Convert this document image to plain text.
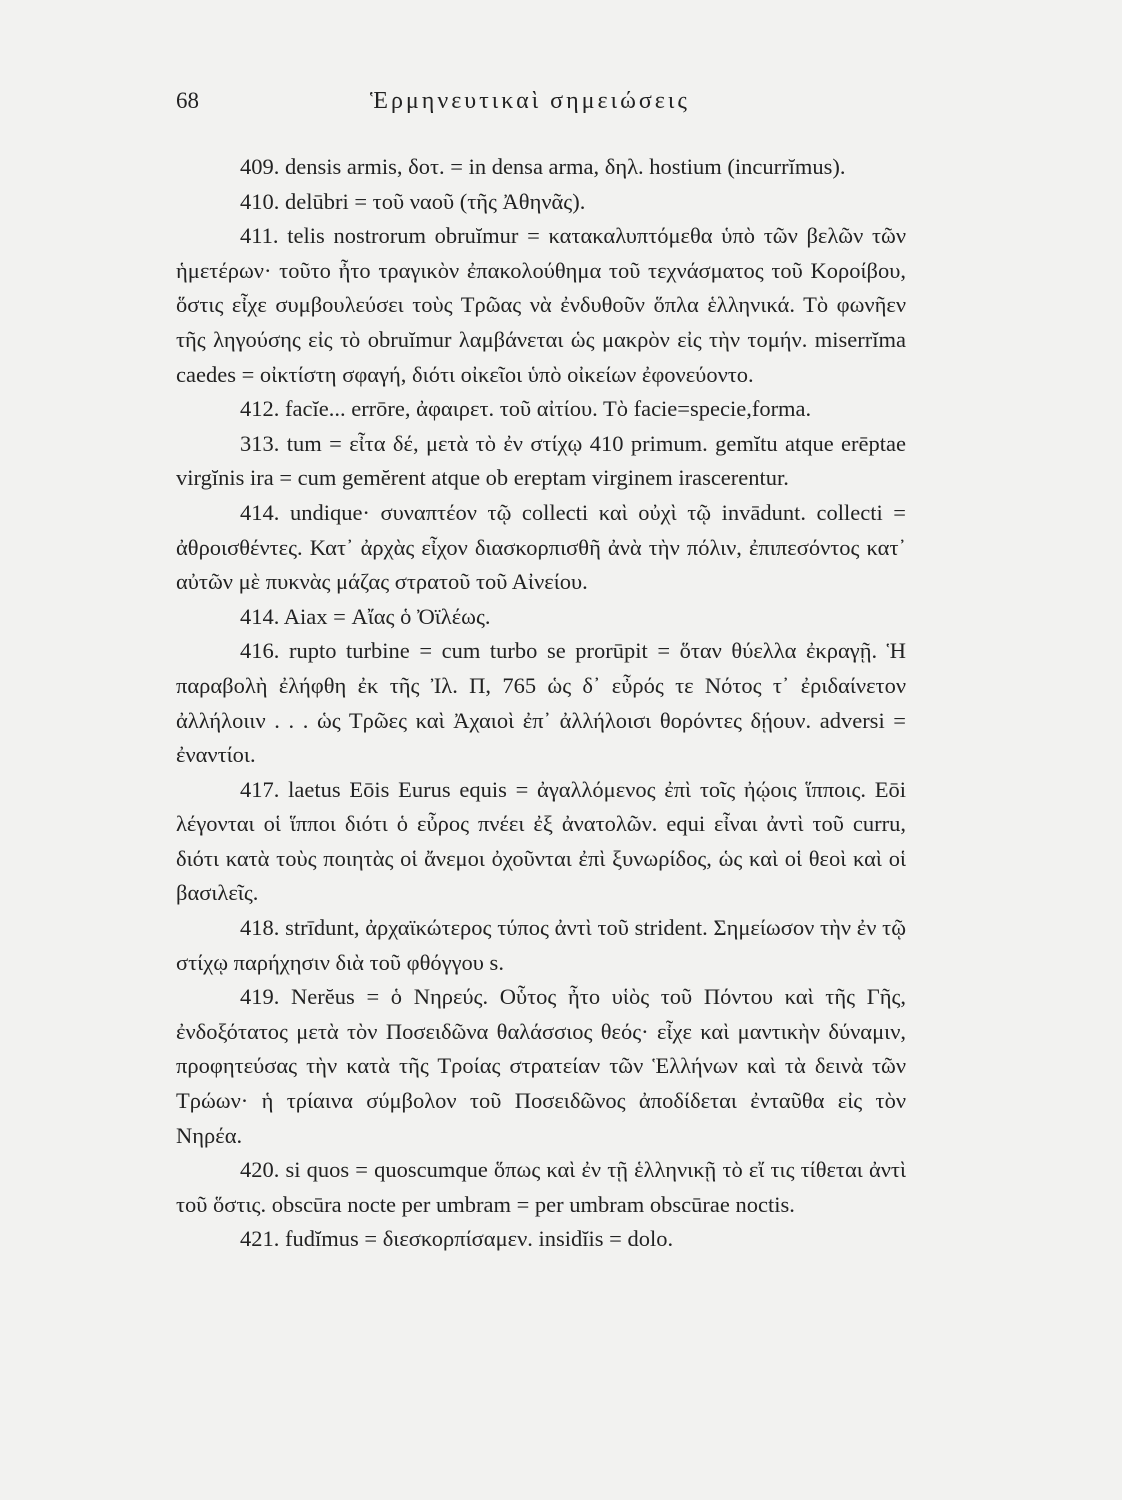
68	Ἑρμηνευτικαὶ σημειώσεις

409. densis armis, δοτ. = in densa arma, δηλ. hostium (incurrĭmus).

410. delūbri = τοῦ ναοῦ (τῆς Ἀθηνᾶς).

411. telis nostrorum obruĭmur = κατακαλυπτόμεθα ὑπὸ τῶν βελῶν τῶν ἡμετέρων· τοῦτο ἦτο τραγικὸν ἐπακολούθημα τοῦ τεχνάσματος τοῦ Κοροίβου, ὅστις εἶχε συμβουλεύσει τοὺς Τρῶας νὰ ἐνδυθοῦν ὅπλα ἑλληνικά. Τὸ φωνῆεν τῆς ληγούσης εἰς τὸ obruĭmur λαμβάνεται ὡς μακρὸν εἰς τὴν τομήν. miserrĭma caedes = οἰκτίστη σφαγή, διότι οἰκεῖοι ὑπὸ οἰκείων ἐφονεύοντο.

412. facĭe... errōre, ἀφαιρετ. τοῦ αἰτίου. Τὸ facie=specie,forma.

313. tum = εἶτα δέ, μετὰ τὸ ἐν στίχῳ 410 primum. gemĭtu atque erēptae virgĭnis ira = cum gemĕrent atque ob ereptam virginem irascerentur.

414. undique· συναπτέον τῷ collecti καὶ οὐχὶ τῷ invādunt. collecti = ἀθροισθέντες. Κατ᾽ ἀρχὰς εἶχον διασκορπισθῆ ἀνὰ τὴν πόλιν, ἐπιπεσόντος κατ᾽ αὐτῶν μὲ πυκνὰς μάζας στρατοῦ τοῦ Αἰνείου.

414. Aiax = Αἴας ὁ Ὀϊλέως.

416. rupto turbine = cum turbo se prorūpit = ὅταν θύελλα ἐκραγῇ. Ἡ παραβολὴ ἐλήφθη ἐκ τῆς Ἰλ. Π, 765 ὡς δ᾽ εὖρός τε Νότος τ᾽ ἐριδαίνετον ἀλλήλοιιν . . . ὡς Τρῶες καὶ Ἀχαιοὶ ἐπ᾽ ἀλλήλοισι θορόντες δῄουν. adversi = ἐναντίοι.

417. laetus Eōis Eurus equis = ἀγαλλόμενος ἐπὶ τοῖς ἠῴοις ἵπποις. Eōi λέγονται οἱ ἵπποι διότι ὁ εὖρος πνέει ἐξ ἀνατολῶν. equi εἶναι ἀντὶ τοῦ curru, διότι κατὰ τοὺς ποιητὰς οἱ ἄνεμοι ὀχοῦνται ἐπὶ ξυνωρίδος, ὡς καὶ οἱ θεοὶ καὶ οἱ βασιλεῖς.

418. strīdunt, ἀρχαϊκώτερος τύπος ἀντὶ τοῦ strident. Σημείωσον τὴν ἐν τῷ στίχῳ παρήχησιν διὰ τοῦ φθόγγου s.

419. Nerĕus = ὁ Νηρεύς. Οὗτος ἦτο υἱὸς τοῦ Πόντου καὶ τῆς Γῆς, ἐνδοξότατος μετὰ τὸν Ποσειδῶνα θαλάσσιος θεός· εἶχε καὶ μαντικὴν δύναμιν, προφητεύσας τὴν κατὰ τῆς Τροίας στρατείαν τῶν Ἑλλήνων καὶ τὰ δεινὰ τῶν Τρώων· ἡ τρίαινα σύμβολον τοῦ Ποσειδῶνος ἀποδίδεται ἐνταῦθα εἰς τὸν Νηρέα.

420. si quos = quoscumque ὅπως καὶ ἐν τῇ ἑλληνικῇ τὸ εἴ τις τίθεται ἀντὶ τοῦ ὅστις. obscūra nocte per umbram = per umbram obscūrae noctis.

421. fudĭmus = διεσκορπίσαμεν. insidĭis = dolo.
